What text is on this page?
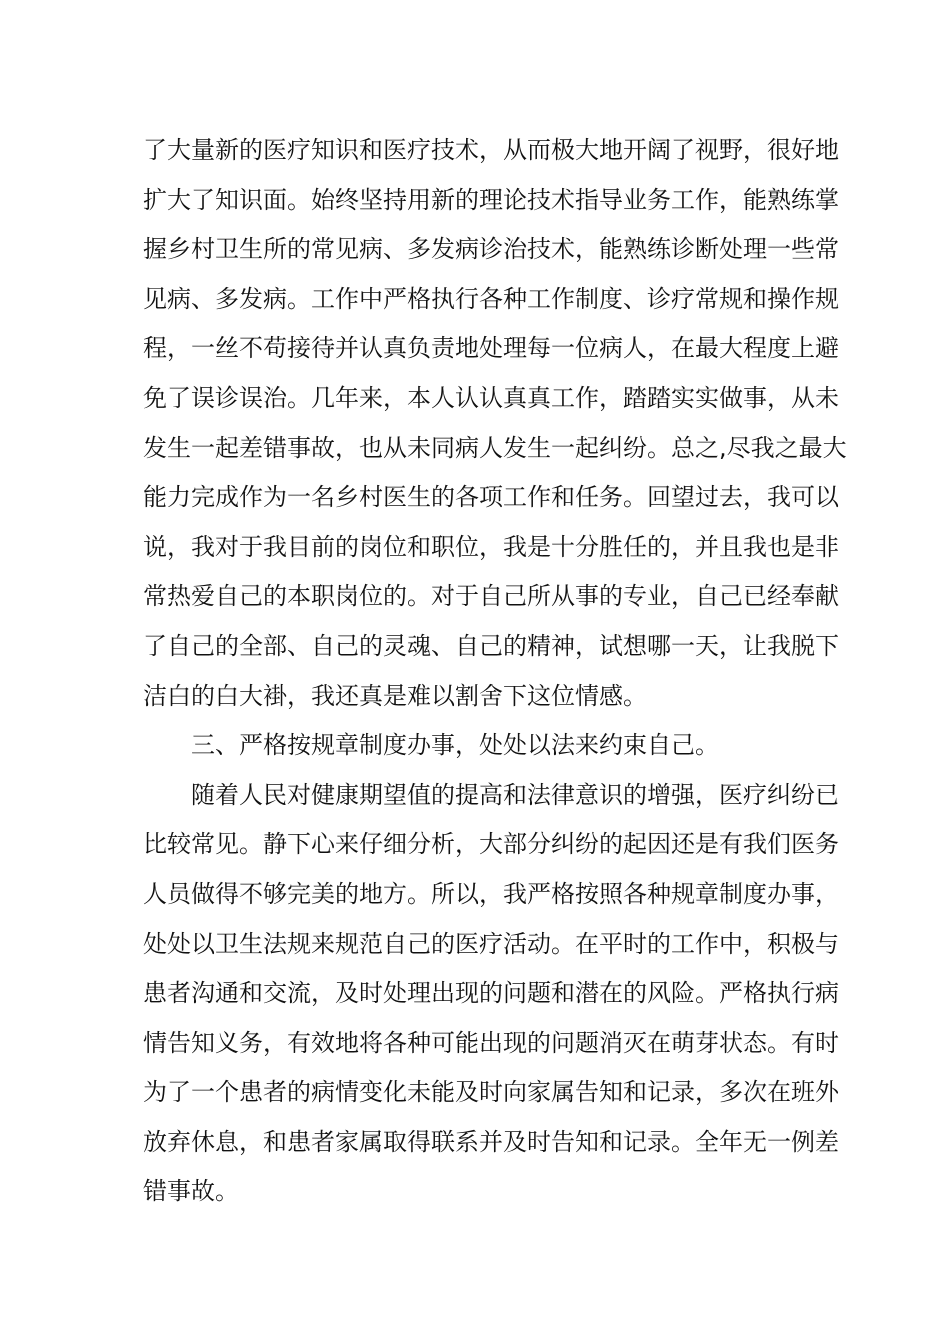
了大量新的医疗知识和医疗技术，从而极大地开阔了视野，很好地
扩大了知识面。始终坚持用新的理论技术指导业务工作，能熟练掌
握乡村卫生所的常见病、多发病诊治技术，能熟练诊断处理一些常
见病、多发病。工作中严格执行各种工作制度、诊疗常规和操作规
程，一丝不苟接待并认真负责地处理每一位病人，在最大程度上避
免了误诊误治。几年来，本人认认真真工作，踏踏实实做事，从未
发生一起差错事故，也从未同病人发生一起纠纷。总之,尽我之最大
能力完成作为一名乡村医生的各项工作和任务。回望过去，我可以
说，我对于我目前的岗位和职位，我是十分胜任的，并且我也是非
常热爱自己的本职岗位的。对于自己所从事的专业，自己已经奉献
了自己的全部、自己的灵魂、自己的精神，试想哪一天，让我脱下
洁白的白大褂，我还真是难以割舍下这位情感。
三、严格按规章制度办事，处处以法来约束自己。
随着人民对健康期望值的提高和法律意识的增强，医疗纠纷已
比较常见。静下心来仔细分析，大部分纠纷的起因还是有我们医务
人员做得不够完美的地方。所以，我严格按照各种规章制度办事，
处处以卫生法规来规范自己的医疗活动。在平时的工作中，积极与
患者沟通和交流，及时处理出现的问题和潜在的风险。严格执行病
情告知义务，有效地将各种可能出现的问题消灭在萌芽状态。有时
为了一个患者的病情变化未能及时向家属告知和记录，多次在班外
放弃休息，和患者家属取得联系并及时告知和记录。全年无一例差
错事故。
